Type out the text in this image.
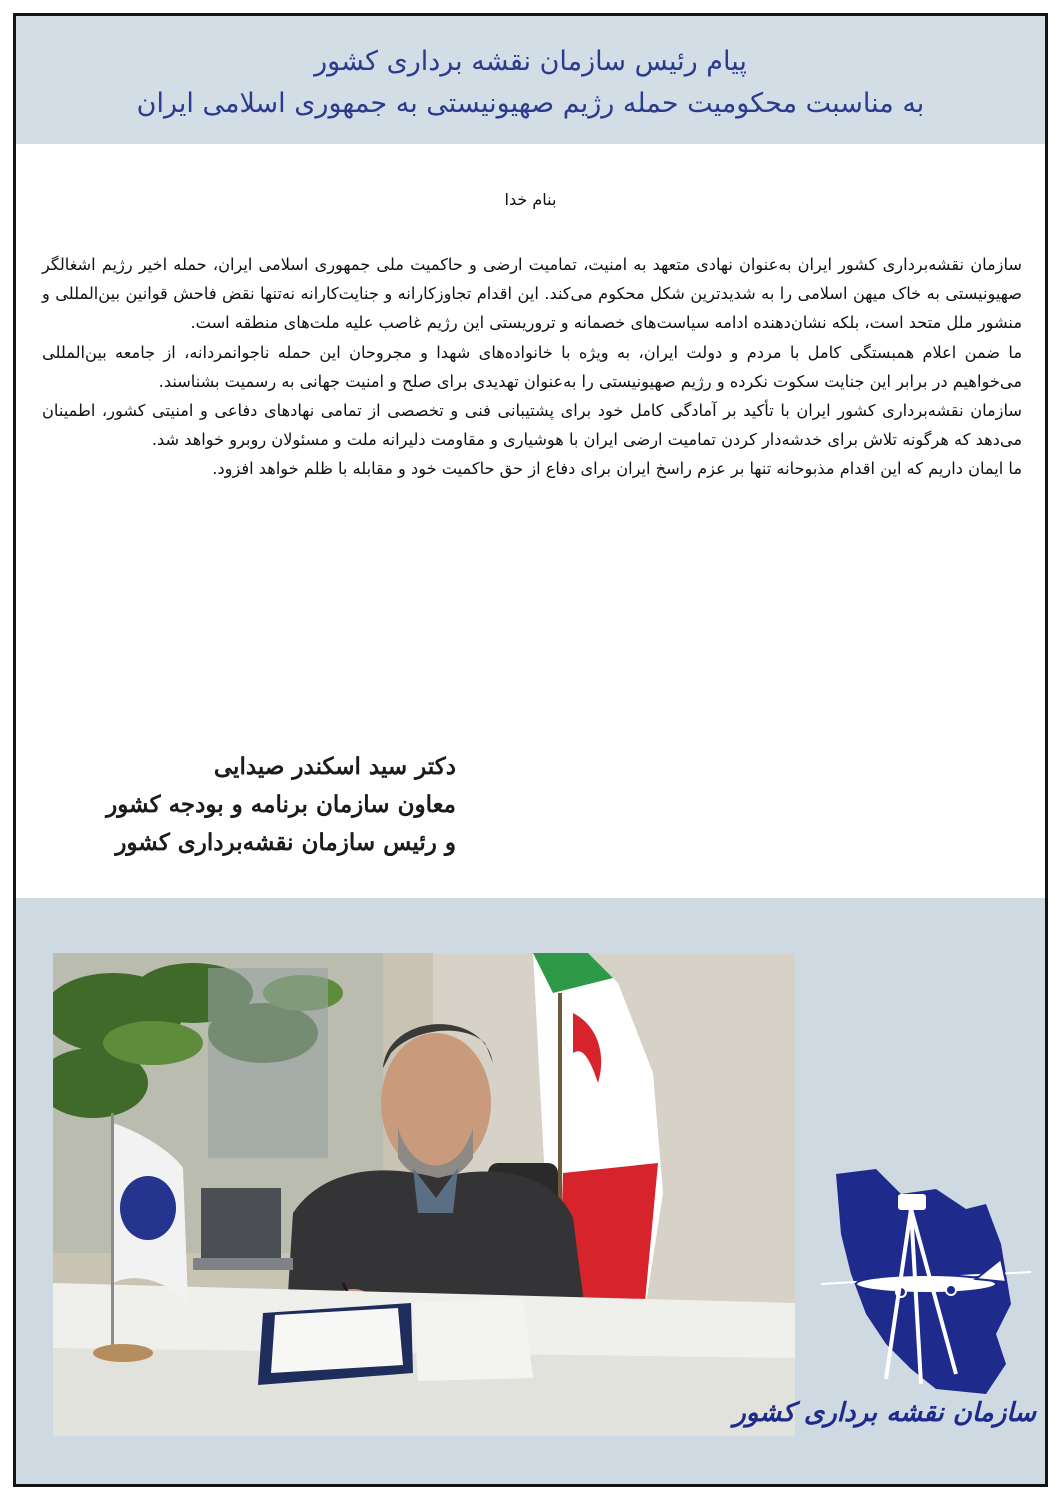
پیام رئیس سازمان نقشه برداری کشور
به مناسبت محکومیت حمله رژیم صهیونیستی به جمهوری اسلامی ایران
بنام خدا

سازمان نقشه‌برداری کشور ایران به‌عنوان نهادی متعهد به امنیت، تمامیت ارضی و حاکمیت ملی جمهوری اسلامی ایران، حمله اخیر رژیم اشغالگر صهیونیستی به خاک میهن اسلامی را به شدیدترین شکل محکوم می‌کند. این اقدام تجاوزکارانه و جنایت‌کارانه نه‌تنها نقض فاحش قوانین بین‌المللی و منشور ملل متحد است، بلکه نشان‌دهنده ادامه سیاست‌های خصمانه و تروریستی این رژیم غاصب علیه ملت‌های منطقه است.

ما ضمن اعلام همبستگی کامل با مردم و دولت ایران، به ویژه با خانواده‌های شهدا و مجروحان این حمله ناجوانمردانه، از جامعه بین‌المللی می‌خواهیم در برابر این جنایت سکوت نکرده و رژیم صهیونیستی را به‌عنوان تهدیدی برای صلح و امنیت جهانی به رسمیت بشناسند.

سازمان نقشه‌برداری کشور ایران با تأکید بر آمادگی کامل خود برای پشتیبانی فنی و تخصصی از تمامی نهادهای دفاعی و امنیتی کشور، اطمینان می‌دهد که هرگونه تلاش برای خدشه‌دار کردن تمامیت ارضی ایران با هوشیاری و مقاومت دلیرانه ملت و مسئولان روبرو خواهد شد.

ما ایمان داریم که این اقدام مذبوحانه تنها بر عزم راسخ ایران برای دفاع از حق حاکمیت خود و مقابله با ظلم خواهد افزود.

دکتر سید اسکندر صیدایی
معاون سازمان برنامه و بودجه کشور
و رئیس سازمان نقشه‌برداری کشور
سازمان نقشه برداری کشور
